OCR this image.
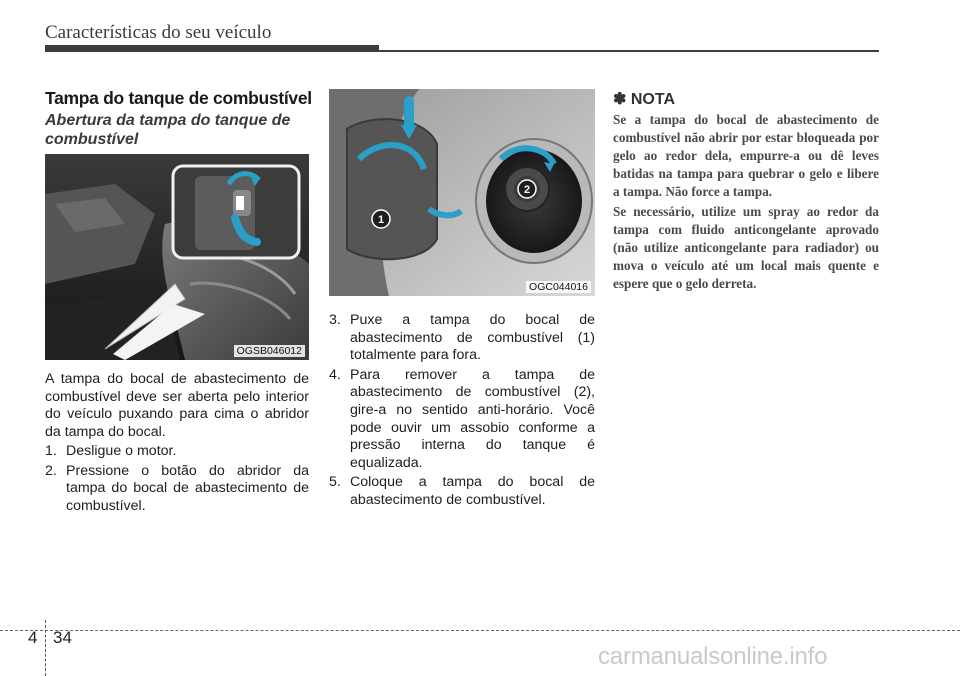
Características do seu veículo
Tampa do tanque de combustível
Abertura da tampa do tanque de combustível
OGSB046012
A tampa do bocal de abastecimento de combustível deve ser aberta pelo interior do veículo puxando para cima o abridor da tampa do bocal.
1. Desligue o motor.
2. Pressione o botão do abridor da tampa do bocal de abastecimento de combustível.
1
2
OGC044016
3. Puxe a tampa do bocal de abastecimento de combustível (1) totalmente para fora.
4. Para remover a tampa de abastecimento de combustível (2), gire-a no sentido anti-horário. Você pode ouvir um assobio conforme a pressão interna do tanque é equalizada.
5. Coloque a tampa do bocal de abastecimento de combustível.
✽ NOTA

Se a tampa do bocal de abastecimento de combustível não abrir por estar bloqueada por gelo ao redor dela, empurre-a ou dê leves batidas na tampa para quebrar o gelo e libere a tampa. Não force a tampa.

Se necessário, utilize um spray ao redor da tampa com fluido anticongelante aprovado (não utilize anticongelante para radiador) ou mova o veículo até um local mais quente e espere que o gelo derreta.

4 34
carmanualsonline.info
